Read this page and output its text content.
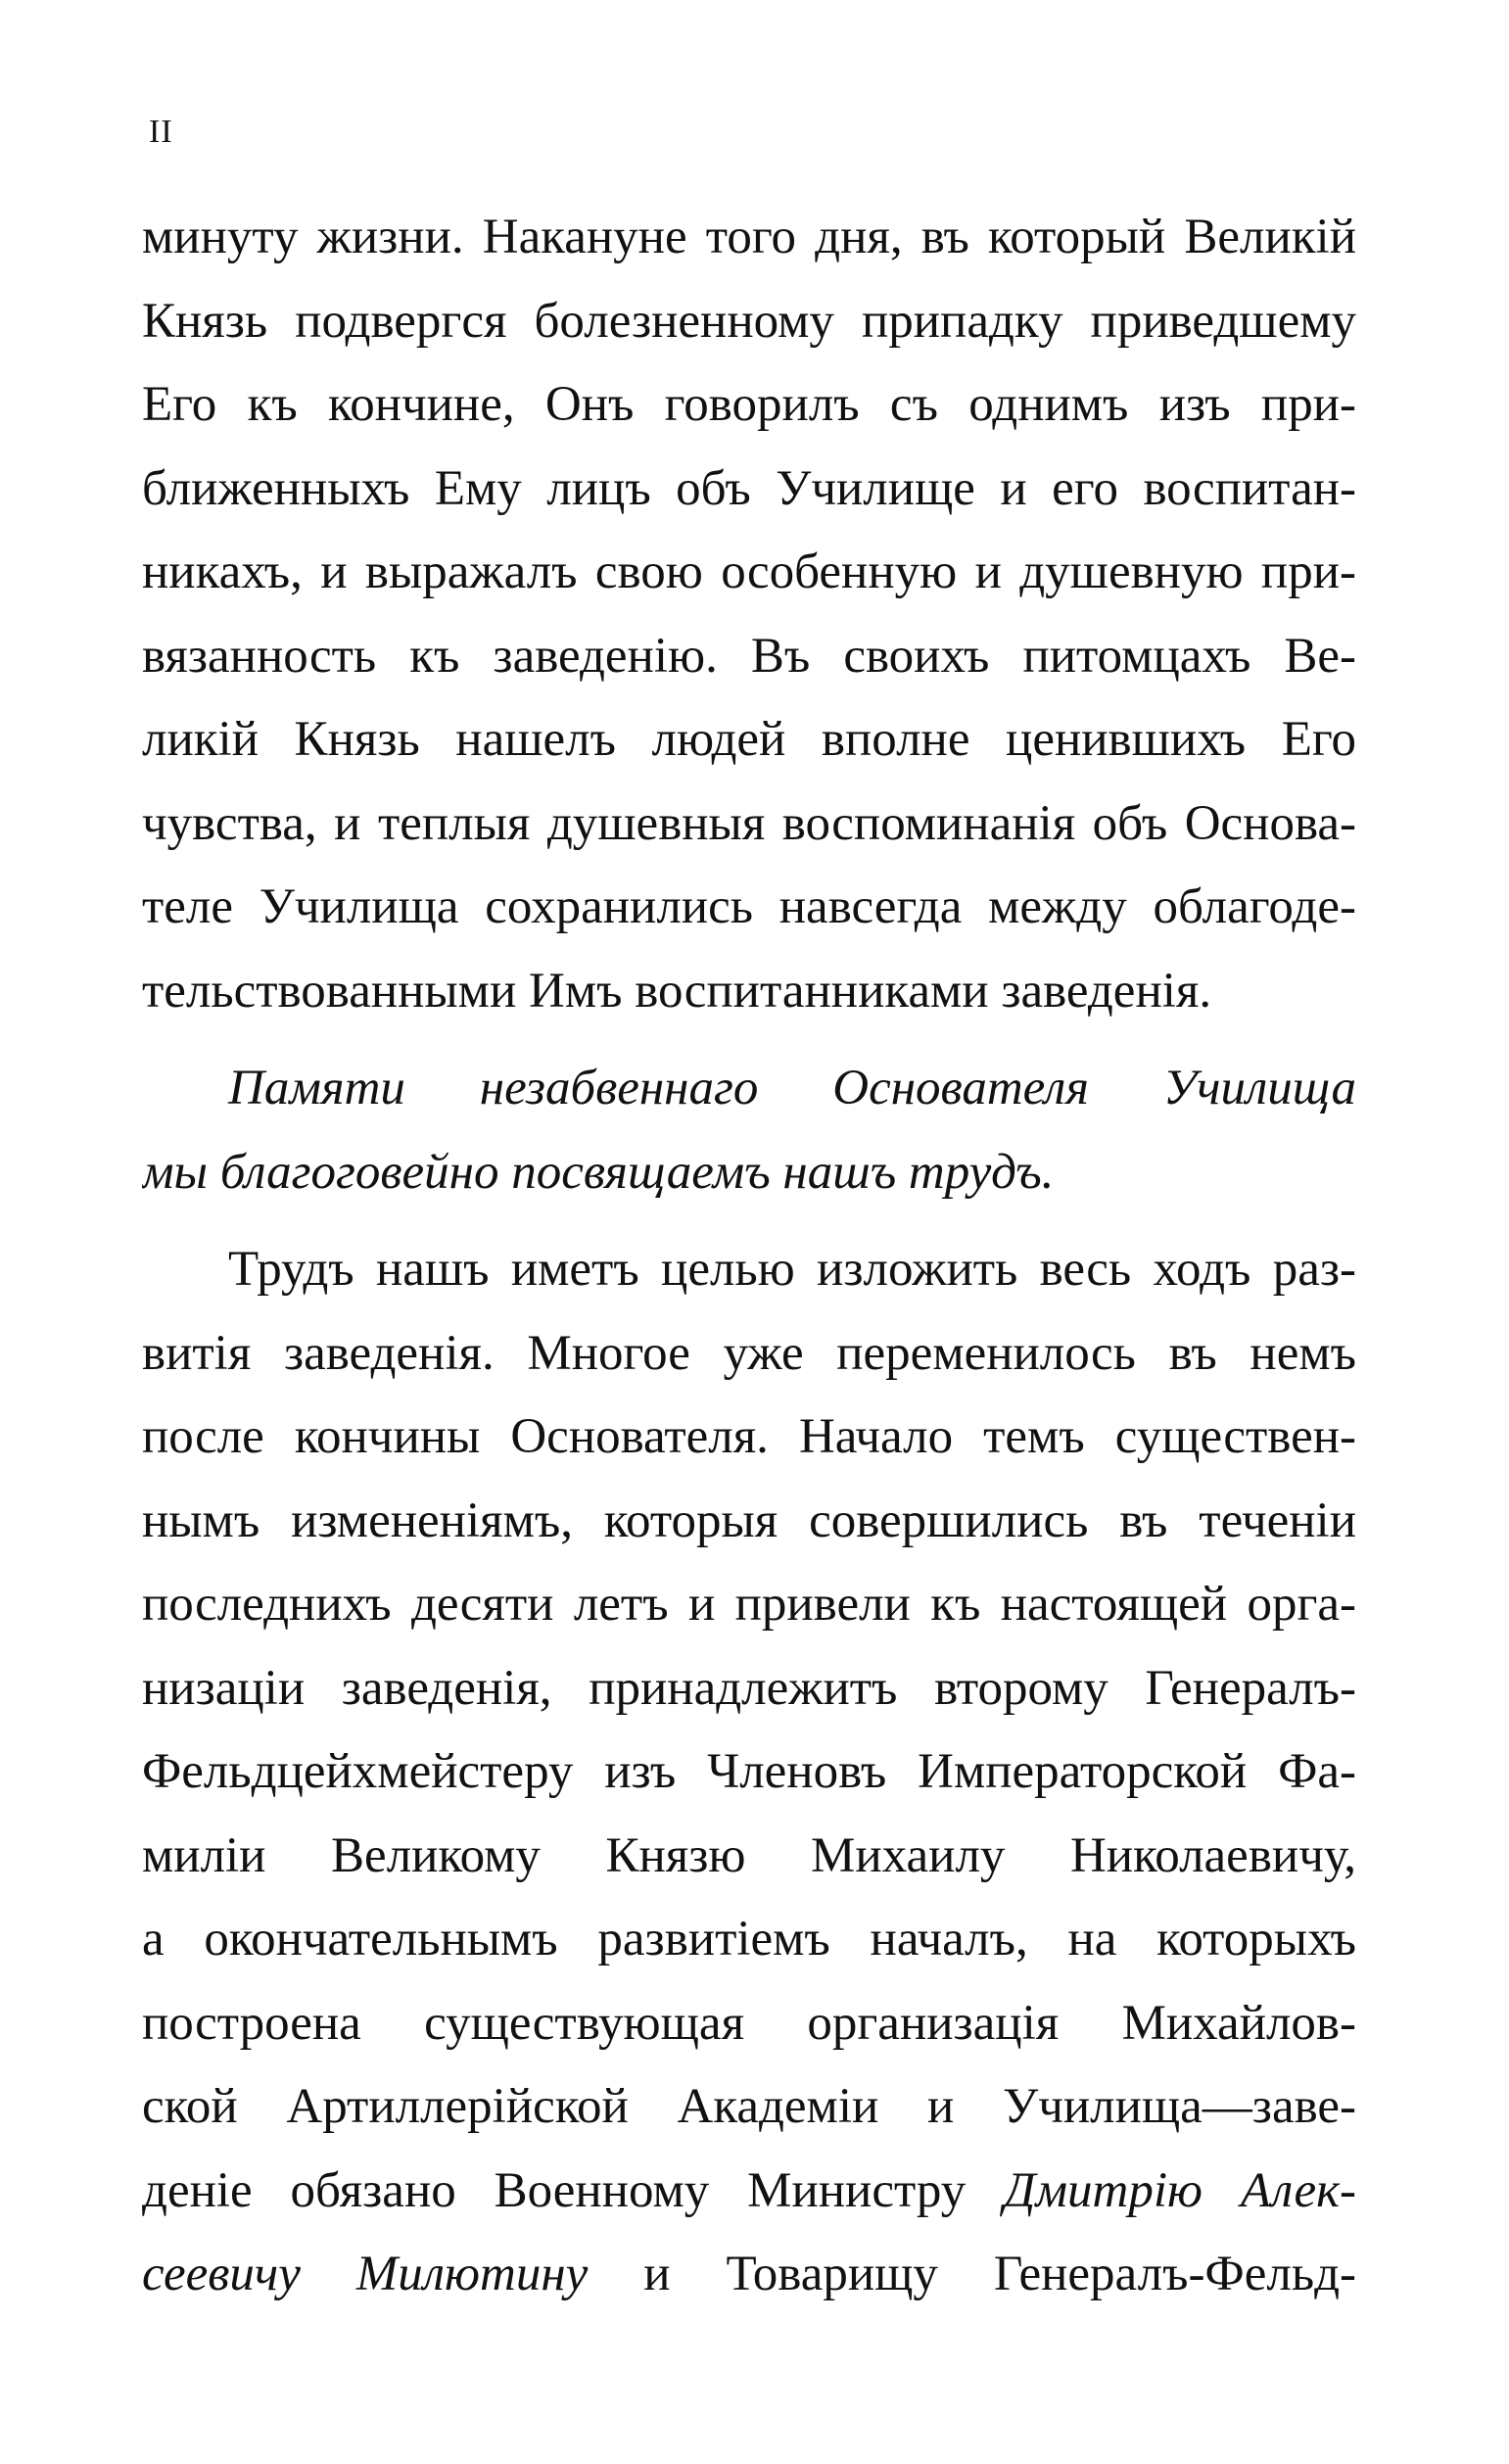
II
минуту жизни. Накануне того дня, въ который Великiй
Князь подвергся болезненному припадку приведшему
Его къ кончине, Онъ говорилъ съ однимъ изъ при-
ближенныхъ Ему лицъ объ Училище и его воспитан-
никахъ, и выражалъ свою особенную и душевную при-
вязанность къ заведенiю. Въ своихъ питомцахъ Ве-
ликiй Князь нашелъ людей вполне ценившихъ Его
чувства, и теплыя душевныя воспоминанiя объ Основа-
теле Училища сохранились навсегда между облагоде-
тельствованными Имъ воспитанниками заведенiя.
Памяти незабвеннаго Основателя Училища
мы благоговейно посвящаемъ нашъ трудъ.
Трудъ нашъ иметъ целью изложить весь ходъ раз-
витiя заведенiя. Многое уже переменилось въ немъ
после кончины Основателя. Начало темъ существен-
нымъ измененiямъ, которыя совершились въ теченiи
последнихъ десяти летъ и привели къ настоящей орга-
низацiи заведенiя, принадлежитъ второму Генералъ-
Фельдцейхмейстеру изъ Членовъ Императорской Фа-
милiи Великому Князю Михаилу Николаевичу,
а окончательнымъ развитiемъ началъ, на которыхъ
построена существующая организацiя Михайлов-
ской Артиллерiйской Академiи и Училища—заве-
денiе обязано Военному Министру Дмитрiю Алек-
сеевичу Милютину и Товарищу Генералъ-Фельд-
